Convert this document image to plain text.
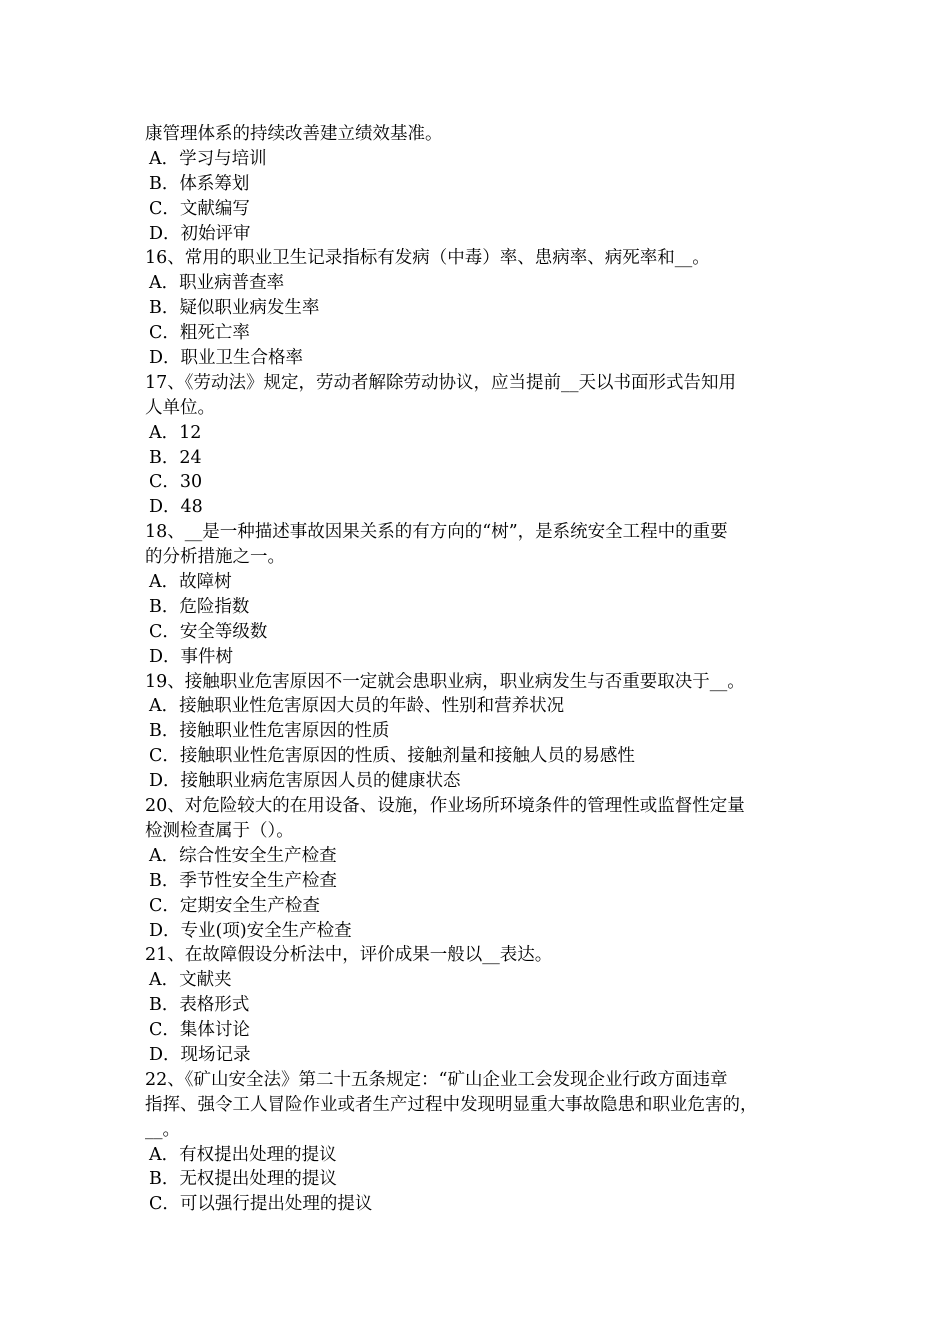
康管理体系的持续改善建立绩效基准。
A．学习与培训
B．体系筹划
C．文献编写
D．初始评审
16、常用的职业卫生记录指标有发病（中毒）率、患病率、病死率和__。
A．职业病普查率
B．疑似职业病发生率
C．粗死亡率
D．职业卫生合格率
17、《劳动法》规定，劳动者解除劳动协议，应当提前__天以书面形式告知用
人单位。
A．12
B．24
C．30
D．48
18、__是一种描述事故因果关系的有方向的“树”，是系统安全工程中的重要
的分析措施之一。
A．故障树
B．危险指数
C．安全等级数
D．事件树
19、接触职业危害原因不一定就会患职业病，职业病发生与否重要取决于__。
A．接触职业性危害原因大员的年龄、性别和营养状况
B．接触职业性危害原因的性质
C．接触职业性危害原因的性质、接触剂量和接触人员的易感性
D．接触职业病危害原因人员的健康状态
20、对危险较大的在用设备、设施，作业场所环境条件的管理性或监督性定量
检测检查属于（）。
A．综合性安全生产检查
B．季节性安全生产检查
C．定期安全生产检查
D．专业(项)安全生产检查
21、在故障假设分析法中，评价成果一般以__表达。
A．文献夹
B．表格形式
C．集体讨论
D．现场记录
22、《矿山安全法》第二十五条规定：“矿山企业工会发现企业行政方面违章
指挥、强令工人冒险作业或者生产过程中发现明显重大事故隐患和职业危害的，
__。
A．有权提出处理的提议
B．无权提出处理的提议
C．可以强行提出处理的提议
